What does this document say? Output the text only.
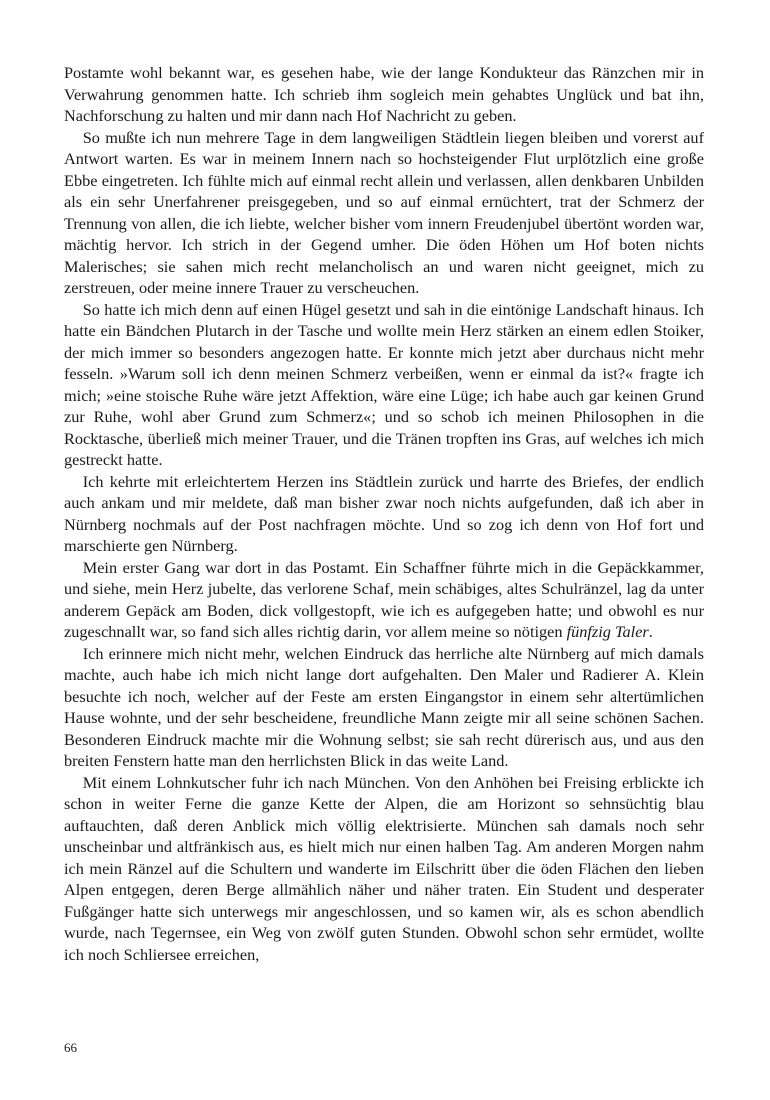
Postamte wohl bekannt war, es gesehen habe, wie der lange Kondukteur das Ränzchen mir in Verwahrung genommen hatte. Ich schrieb ihm sogleich mein gehabtes Unglück und bat ihn, Nachforschung zu halten und mir dann nach Hof Nachricht zu geben.

So mußte ich nun mehrere Tage in dem langweiligen Städtlein liegen bleiben und vorerst auf Antwort warten. Es war in meinem Innern nach so hochsteigender Flut urplötzlich eine große Ebbe eingetreten. Ich fühlte mich auf einmal recht allein und verlassen, allen denkbaren Unbilden als ein sehr Unerfahrener preisgegeben, und so auf einmal ernüchtert, trat der Schmerz der Trennung von allen, die ich liebte, welcher bisher vom innern Freudenjubel übertönt worden war, mächtig hervor. Ich strich in der Gegend umher. Die öden Höhen um Hof boten nichts Malerisches; sie sahen mich recht melancholisch an und waren nicht geeignet, mich zu zerstreuen, oder meine innere Trauer zu verscheuchen.

So hatte ich mich denn auf einen Hügel gesetzt und sah in die eintönige Landschaft hinaus. Ich hatte ein Bändchen Plutarch in der Tasche und wollte mein Herz stärken an einem edlen Stoiker, der mich immer so besonders angezogen hatte. Er konnte mich jetzt aber durchaus nicht mehr fesseln. »Warum soll ich denn meinen Schmerz verbeißen, wenn er einmal da ist?« fragte ich mich; »eine stoische Ruhe wäre jetzt Affektion, wäre eine Lüge; ich habe auch gar keinen Grund zur Ruhe, wohl aber Grund zum Schmerz«; und so schob ich meinen Philosophen in die Rocktasche, überließ mich meiner Trauer, und die Tränen tropften ins Gras, auf welches ich mich gestreckt hatte.

Ich kehrte mit erleichtertem Herzen ins Städtlein zurück und harrte des Briefes, der endlich auch ankam und mir meldete, daß man bisher zwar noch nichts aufgefunden, daß ich aber in Nürnberg nochmals auf der Post nachfragen möchte. Und so zog ich denn von Hof fort und marschierte gen Nürnberg.

Mein erster Gang war dort in das Postamt. Ein Schaffner führte mich in die Gepäckkammer, und siehe, mein Herz jubelte, das verlorene Schaf, mein schäbiges, altes Schulränzel, lag da unter anderem Gepäck am Boden, dick vollgestopft, wie ich es aufgegeben hatte; und obwohl es nur zugeschnallt war, so fand sich alles richtig darin, vor allem meine so nötigen fünfzig Taler.

Ich erinnere mich nicht mehr, welchen Eindruck das herrliche alte Nürnberg auf mich damals machte, auch habe ich mich nicht lange dort aufgehalten. Den Maler und Radierer A. Klein besuchte ich noch, welcher auf der Feste am ersten Eingangstor in einem sehr altertümlichen Hause wohnte, und der sehr bescheidene, freundliche Mann zeigte mir all seine schönen Sachen. Besonderen Eindruck machte mir die Wohnung selbst; sie sah recht dürerisch aus, und aus den breiten Fenstern hatte man den herrlichsten Blick in das weite Land.

Mit einem Lohnkutscher fuhr ich nach München. Von den Anhöhen bei Freising erblickte ich schon in weiter Ferne die ganze Kette der Alpen, die am Horizont so sehnsüchtig blau auftauchten, daß deren Anblick mich völlig elektrisierte. München sah damals noch sehr unscheinbar und altfränkisch aus, es hielt mich nur einen halben Tag. Am anderen Morgen nahm ich mein Ränzel auf die Schultern und wanderte im Eilschritt über die öden Flächen den lieben Alpen entgegen, deren Berge allmählich näher und näher traten. Ein Student und desperater Fußgänger hatte sich unterwegs mir angeschlossen, und so kamen wir, als es schon abendlich wurde, nach Tegernsee, ein Weg von zwölf guten Stunden. Obwohl schon sehr ermüdet, wollte ich noch Schliersee erreichen,

66
